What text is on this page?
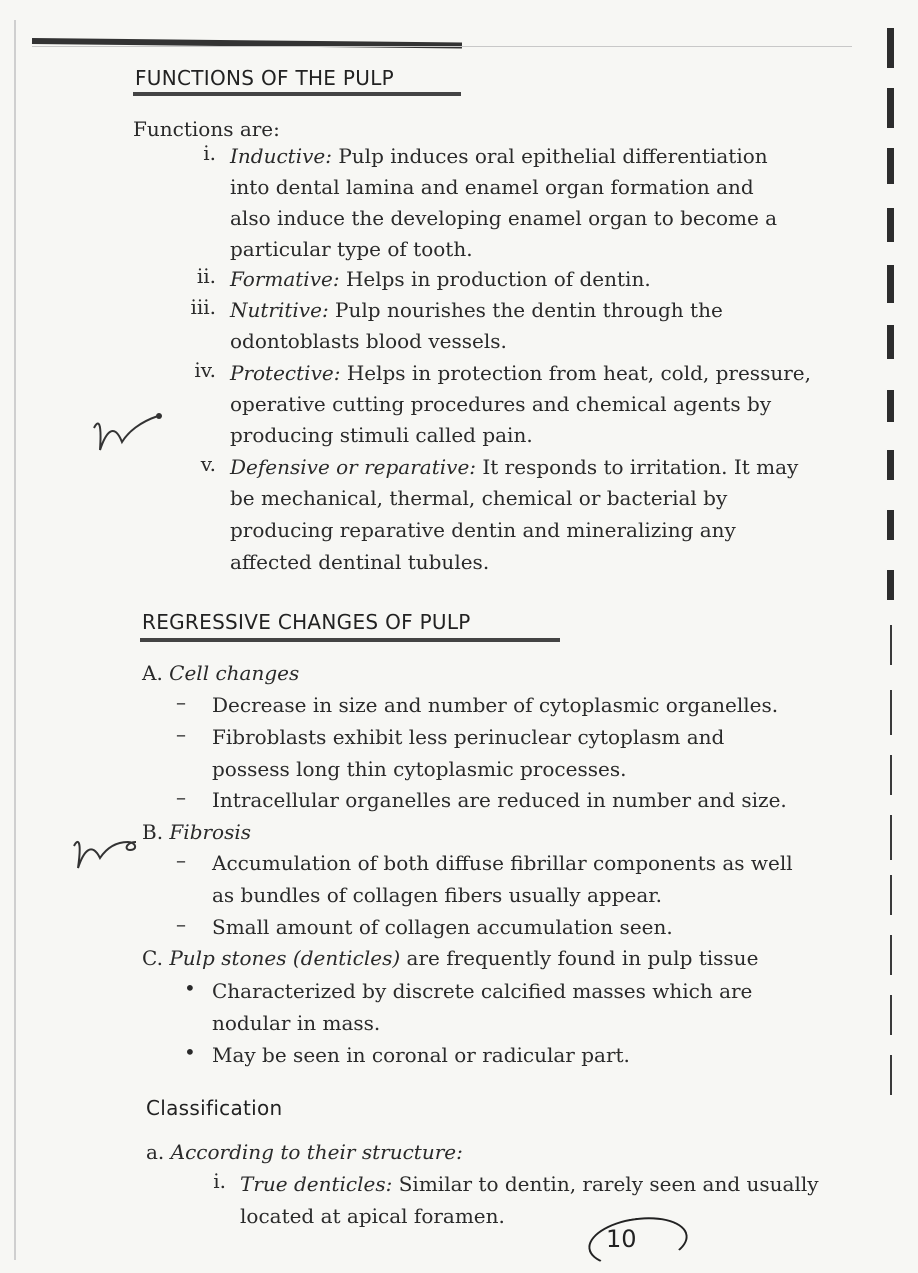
FUNCTIONS OF THE PULP
Functions are:
i. Inductive: Pulp induces oral epithelial differentiation
into dental lamina and enamel organ formation and
also induce the developing enamel organ to become a
particular type of tooth.
ii. Formative: Helps in production of dentin.
iii. Nutritive: Pulp nourishes the dentin through the
odontoblasts blood vessels.
iv. Protective: Helps in protection from heat, cold, pressure,
operative cutting procedures and chemical agents by
producing stimuli called pain.
v. Defensive or reparative: It responds to irritation. It may
be mechanical, thermal, chemical or bacterial by
producing reparative dentin and mineralizing any
affected dentinal tubules.
REGRESSIVE CHANGES OF PULP
A. Cell changes
– Decrease in size and number of cytoplasmic organelles.
– Fibroblasts exhibit less perinuclear cytoplasm and
possess long thin cytoplasmic processes.
– Intracellular organelles are reduced in number and size.
B. Fibrosis
– Accumulation of both diffuse fibrillar components as well
as bundles of collagen fibers usually appear.
– Small amount of collagen accumulation seen.
C. Pulp stones (denticles) are frequently found in pulp tissue
• Characterized by discrete calcified masses which are
nodular in mass.
• May be seen in coronal or radicular part.
Classification
a. According to their structure:
i. True denticles: Similar to dentin, rarely seen and usually
located at apical foramen.
10
